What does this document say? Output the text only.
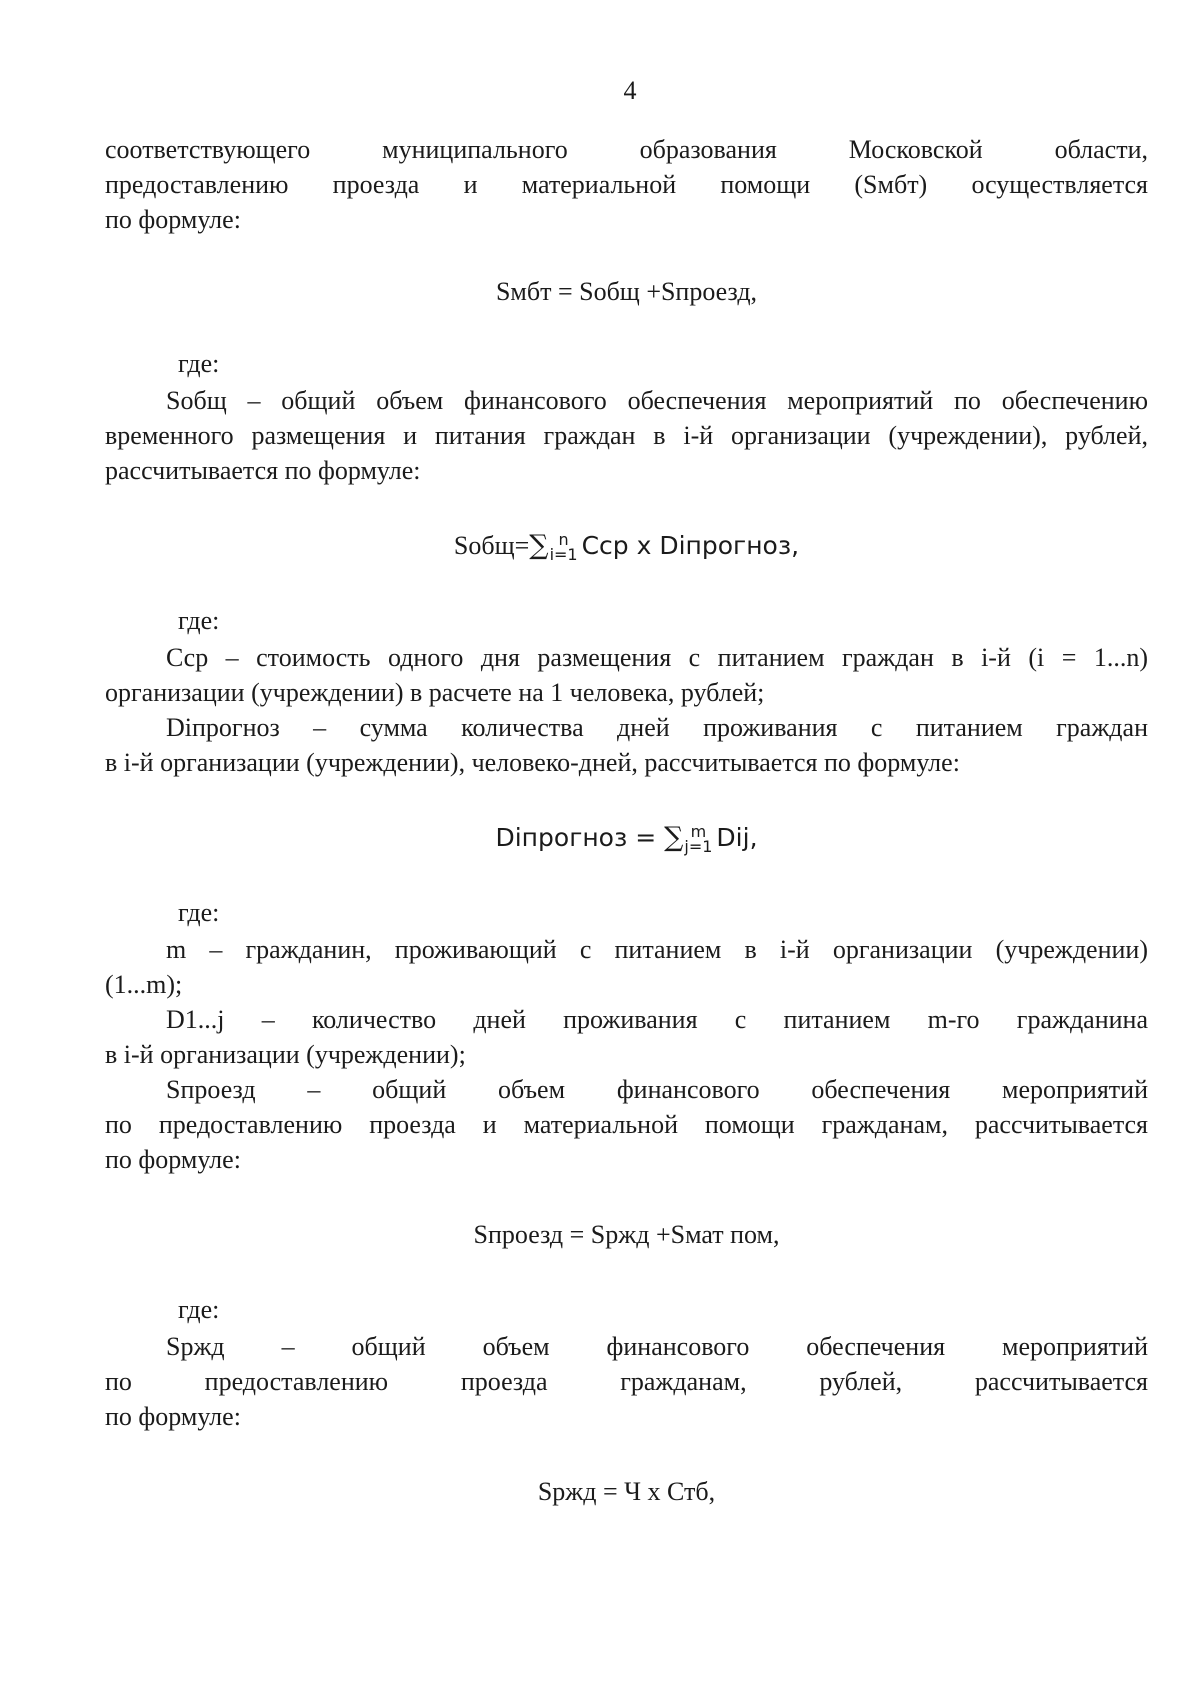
4

соответствующего муниципального образования Московской области,

предоставлению проезда и материальной помощи (Sмбт) осуществляется

по формуле:

Sмбт = Sобщ +Sпроезд,

где:

Sобщ – общий объем финансового обеспечения мероприятий по обеспечению

временного размещения и питания граждан в i-й организации (учреждении), рублей,

рассчитывается по формуле:

Sобщ=∑ n
i=1 Cср x Diпрогноз,

где:

Сср – стоимость одного дня размещения с питанием граждан в i-й (i = 1...n)

организации (учреждении) в расчете на 1 человека, рублей;

Diпрогноз – сумма количества дней проживания с питанием граждан

в i-й организации (учреждении), человеко-дней, рассчитывается по формуле:

Diпрогноз = ∑ m
j=1 Dij,

где:

m – гражданин, проживающий с питанием в i-й организации (учреждении)

(1...m);

D1...j – количество дней проживания с питанием m-го гражданина

в i-й организации (учреждении);

Sпроезд – общий объем финансового обеспечения мероприятий

по предоставлению проезда и материальной помощи гражданам, рассчитывается

по формуле:

Sпроезд = Sржд +Sмат пом,

где:

Sржд – общий объем финансового обеспечения мероприятий

по предоставлению проезда гражданам, рублей, рассчитывается

по формуле:

Sржд = Ч х Стб,
